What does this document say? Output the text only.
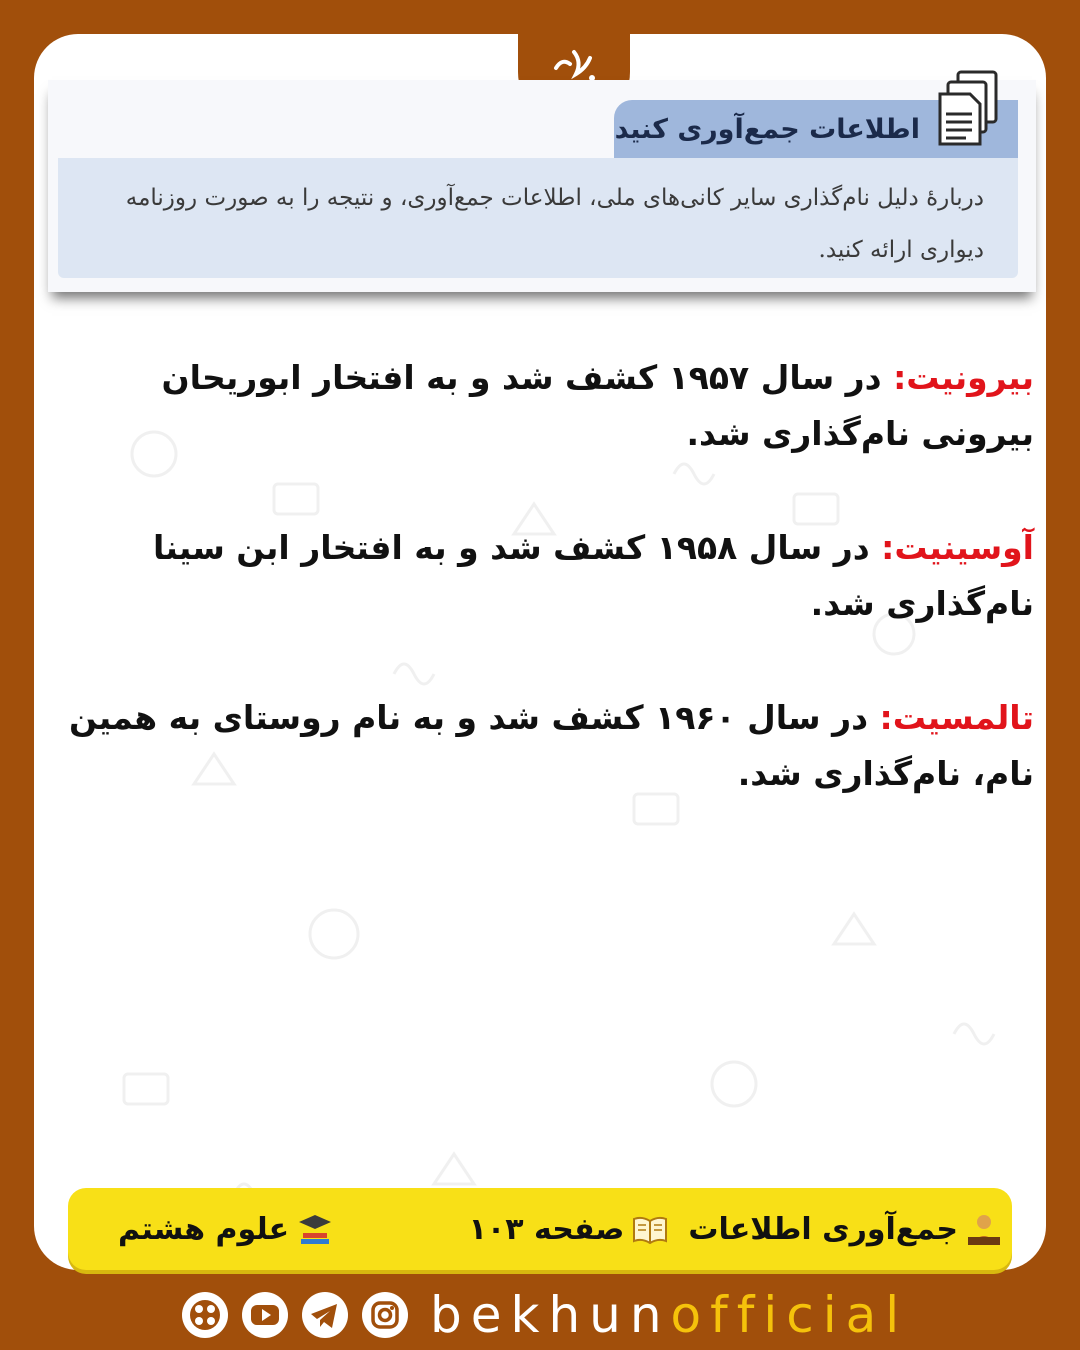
اطلاعات جمع‌آوری کنید

دربارهٔ دلیل نام‌گذاری سایر کانی‌های ملی، اطلاعات جمع‌آوری، و نتیجه را به صورت روزنامه

دیواری ارائه کنید.

بیرونیت: در سال ۱۹۵۷ کشف شد و به افتخار ابوریحان بیرونی نام‌گذاری شد.

آوسینیت: در سال ۱۹۵۸ کشف شد و به افتخار ابن سینا نام‌گذاری شد.

تالمسیت: در سال ۱۹۶۰ کشف شد و به نام روستای به همین نام، نام‌گذاری شد.

جمع‌آوری اطلاعات
صفحه ۱۰۳
علوم هشتم
bekhunofficial
